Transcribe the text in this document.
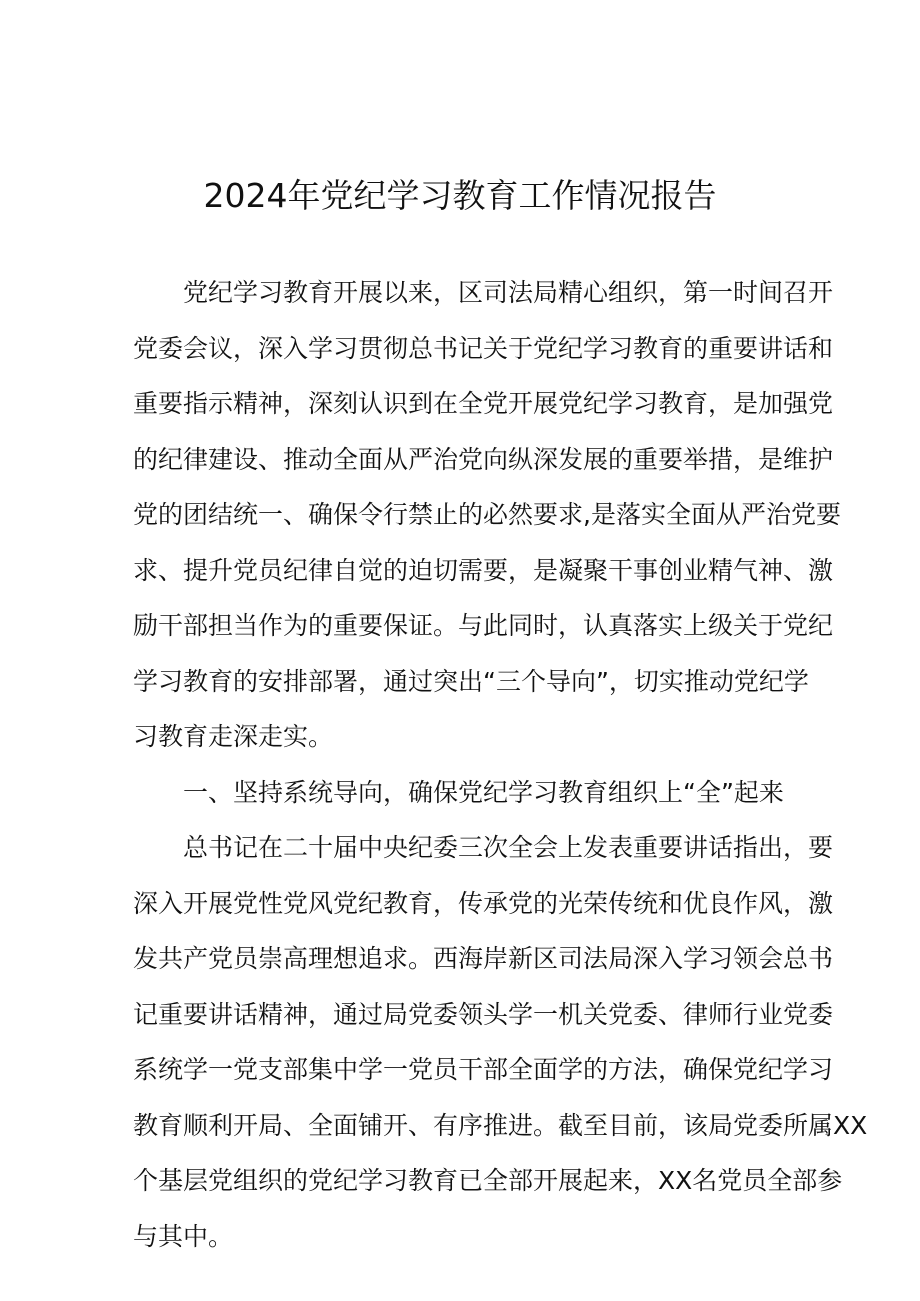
2024年党纪学习教育工作情况报告
党纪学习教育开展以来，区司法局精心组织，第一时间召开
党委会议，深入学习贯彻总书记关于党纪学习教育的重要讲话和
重要指示精神，深刻认识到在全党开展党纪学习教育，是加强党
的纪律建设、推动全面从严治党向纵深发展的重要举措，是维护
党的团结统一、确保令行禁止的必然要求,是落实全面从严治党要
求、提升党员纪律自觉的迫切需要，是凝聚干事创业精气神、激
励干部担当作为的重要保证。与此同时，认真落实上级关于党纪
学习教育的安排部署，通过突出“三个导向”，切实推动党纪学
习教育走深走实。
一、坚持系统导向，确保党纪学习教育组织上“全”起来
总书记在二十届中央纪委三次全会上发表重要讲话指出，要
深入开展党性党风党纪教育，传承党的光荣传统和优良作风，激
发共产党员崇高理想追求。西海岸新区司法局深入学习领会总书
记重要讲话精神，通过局党委领头学一机关党委、律师行业党委
系统学一党支部集中学一党员干部全面学的方法，确保党纪学习
教育顺利开局、全面铺开、有序推进。截至目前，该局党委所属XX
个基层党组织的党纪学习教育已全部开展起来，XX名党员全部参
与其中。
